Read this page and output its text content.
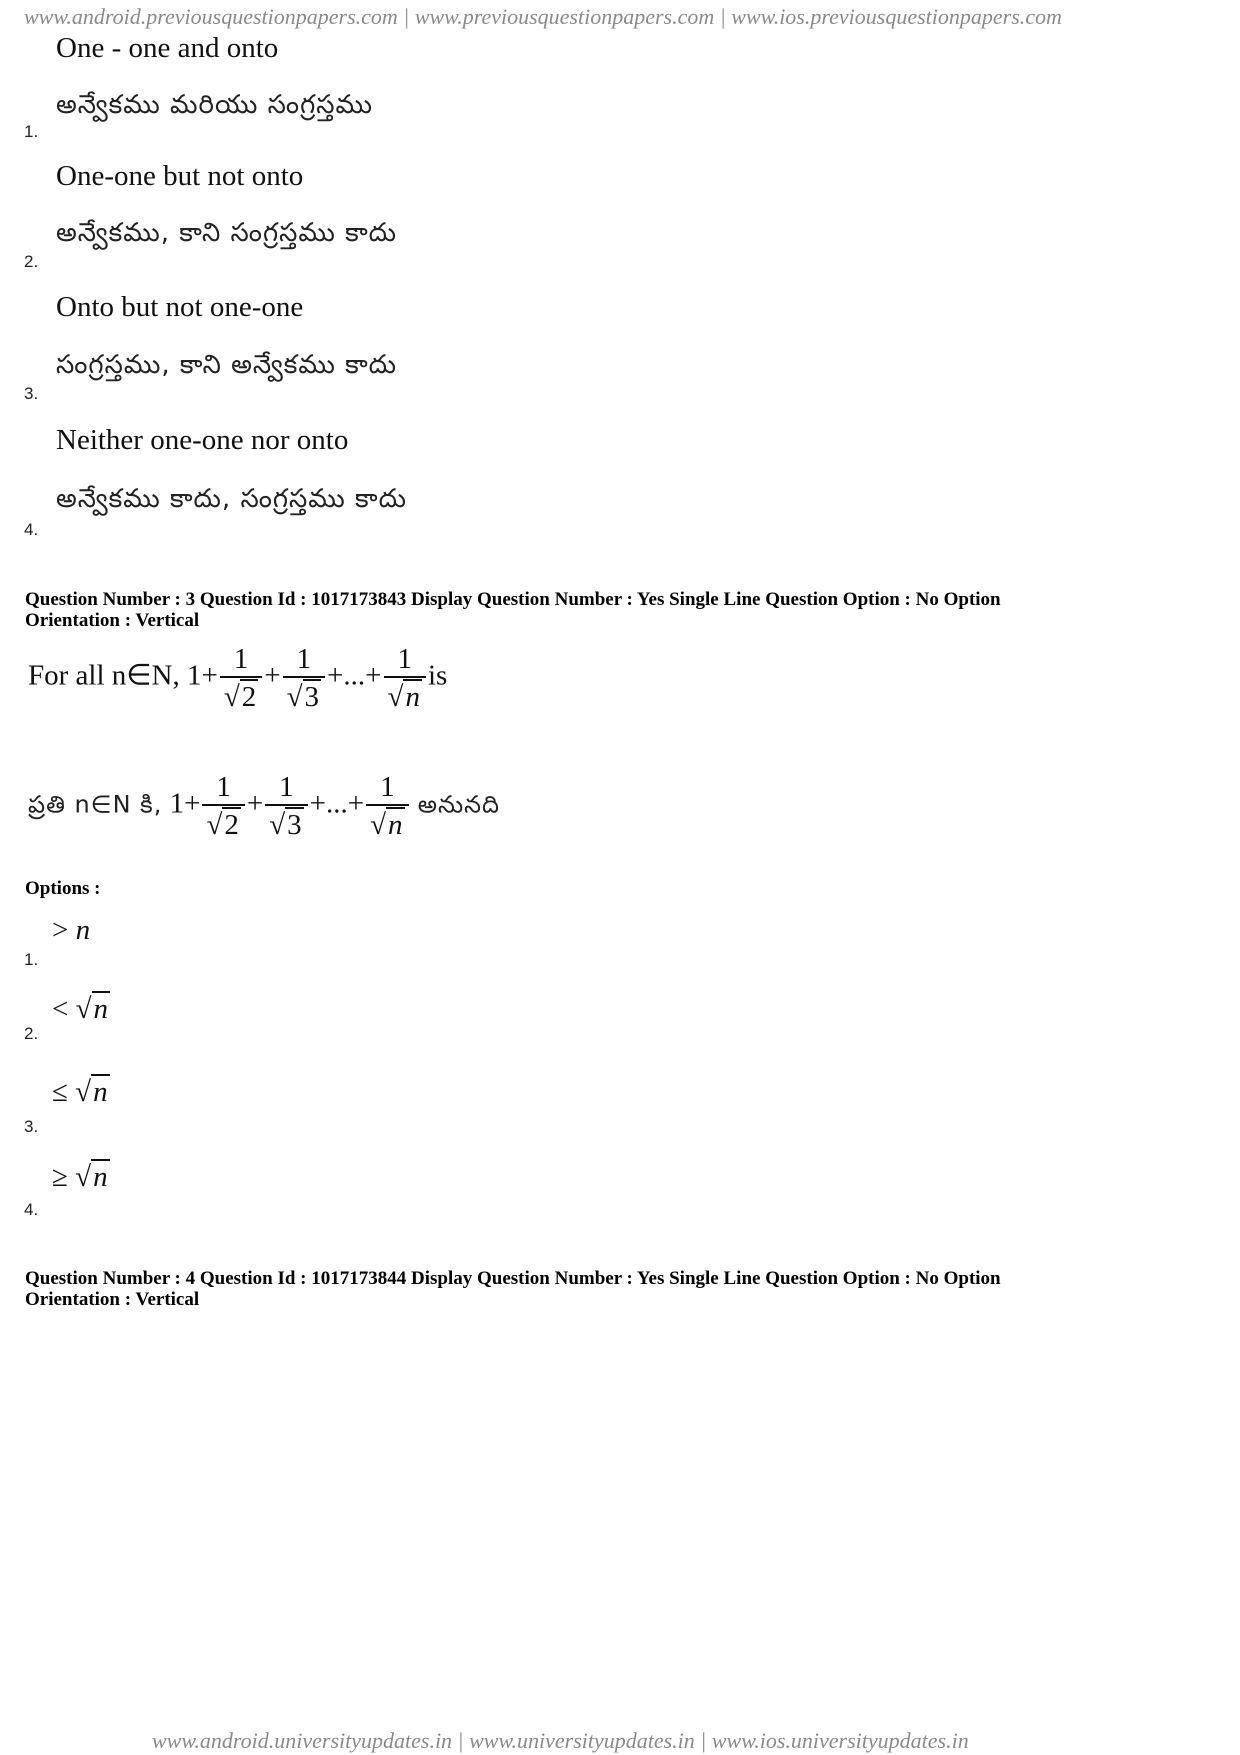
www.android.previousquestionpapers.com | www.previousquestionpapers.com | www.ios.previousquestionpapers.com
One - one and onto
అన్వేకము మరియు సంగ్రస్తము
1.
One-one but not onto
అన్వేకము, కాని సంగ్రస్తము కాదు
2.
Onto but not one-one
సంగ్రస్తము, కాని అన్వేకము కాదు
3.
Neither one-one nor onto
అన్వేకము కాదు, సంగ్రస్తము కాదు
4.
Question Number : 3 Question Id : 1017173843 Display Question Number : Yes Single Line Question Option : No Option
Orientation : Vertical
For all n∈N, $1+ \frac{1}{√2} + \frac{1}{√3}$ +...+ $\frac{1}{√n}$ is
ప్రతి n∈N కి, $1+ \frac{1}{√2} + \frac{1}{√3}$ +...+ $\frac{1}{√n}$ అనునది
Options :
> n
1.
< √n
2.
≤ √n
3.
≥ √n
4.
Question Number : 4 Question Id : 1017173844 Display Question Number : Yes Single Line Question Option : No Option
Orientation : Vertical
www.android.universityupdates.in | www.universityupdates.in | www.ios.universityupdates.in
